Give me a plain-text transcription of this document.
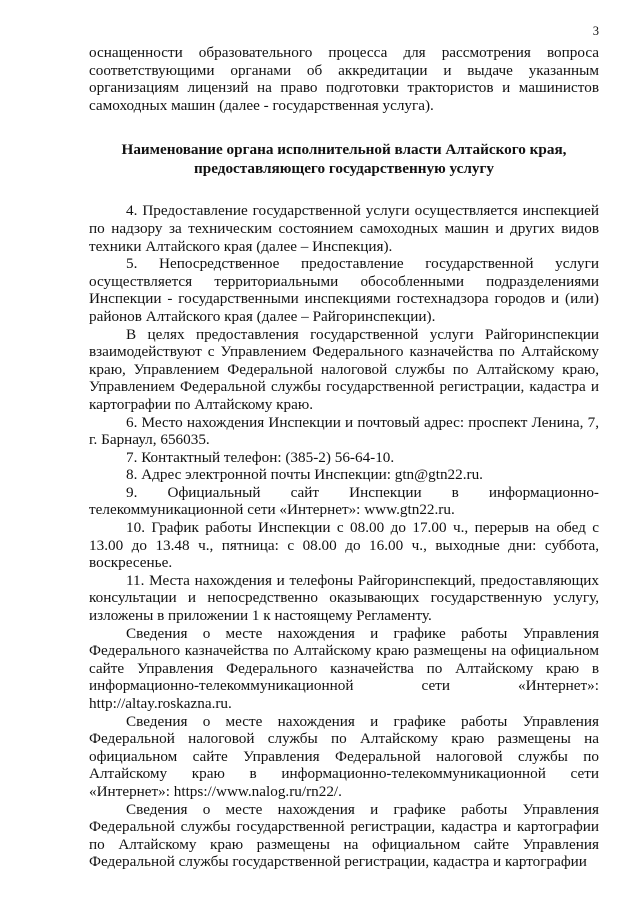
3

оснащенности образовательного процесса для рассмотрения вопроса соответствующими органами об аккредитации и выдаче указанным организациям лицензий на право подготовки трактористов и машинистов самоходных машин (далее - государственная услуга).

Наименование органа исполнительной власти Алтайского края, предоставляющего государственную услугу

4. Предоставление государственной услуги осуществляется инспекцией по надзору за техническим состоянием самоходных машин и других видов техники Алтайского края (далее – Инспекция).

5. Непосредственное предоставление государственной услуги осуществляется территориальными обособленными подразделениями Инспекции - государственными инспекциями гостехнадзора городов и (или) районов Алтайского края (далее – Райгоринспекции).

В целях предоставления государственной услуги Райгоринспекции взаимодействуют с Управлением Федерального казначейства по Алтайскому краю, Управлением Федеральной налоговой службы по Алтайскому краю, Управлением Федеральной службы государственной регистрации, кадастра и картографии по Алтайскому краю.

6. Место нахождения Инспекции и почтовый адрес: проспект Ленина, 7, г. Барнаул, 656035.

7. Контактный телефон: (385-2) 56-64-10.

8. Адрес электронной почты Инспекции: gtn@gtn22.ru.

9. Официальный сайт Инспекции в информационно-телекоммуникационной сети «Интернет»: www.gtn22.ru.

10. График работы Инспекции с 08.00 до 17.00 ч., перерыв на обед с 13.00 до 13.48 ч., пятница: с 08.00 до 16.00 ч., выходные дни: суббота, воскресенье.

11. Места нахождения и телефоны Райгоринспекций, предоставляющих консультации и непосредственно оказывающих государственную услугу, изложены в приложении 1 к настоящему Регламенту.

Сведения о месте нахождения и графике работы Управления Федерального казначейства по Алтайскому краю размещены на официальном сайте Управления Федерального казначейства по Алтайскому краю в информационно-телекоммуникационной сети «Интернет»: http://altay.roskazna.ru.

Сведения о месте нахождения и графике работы Управления Федеральной налоговой службы по Алтайскому краю размещены на официальном сайте Управления Федеральной налоговой службы по Алтайскому краю в информационно-телекоммуникационной сети «Интернет»: https://www.nalog.ru/rn22/.

Сведения о месте нахождения и графике работы Управления Федеральной службы государственной регистрации, кадастра и картографии по Алтайскому краю размещены на официальном сайте Управления Федеральной службы государственной регистрации, кадастра и картографии
